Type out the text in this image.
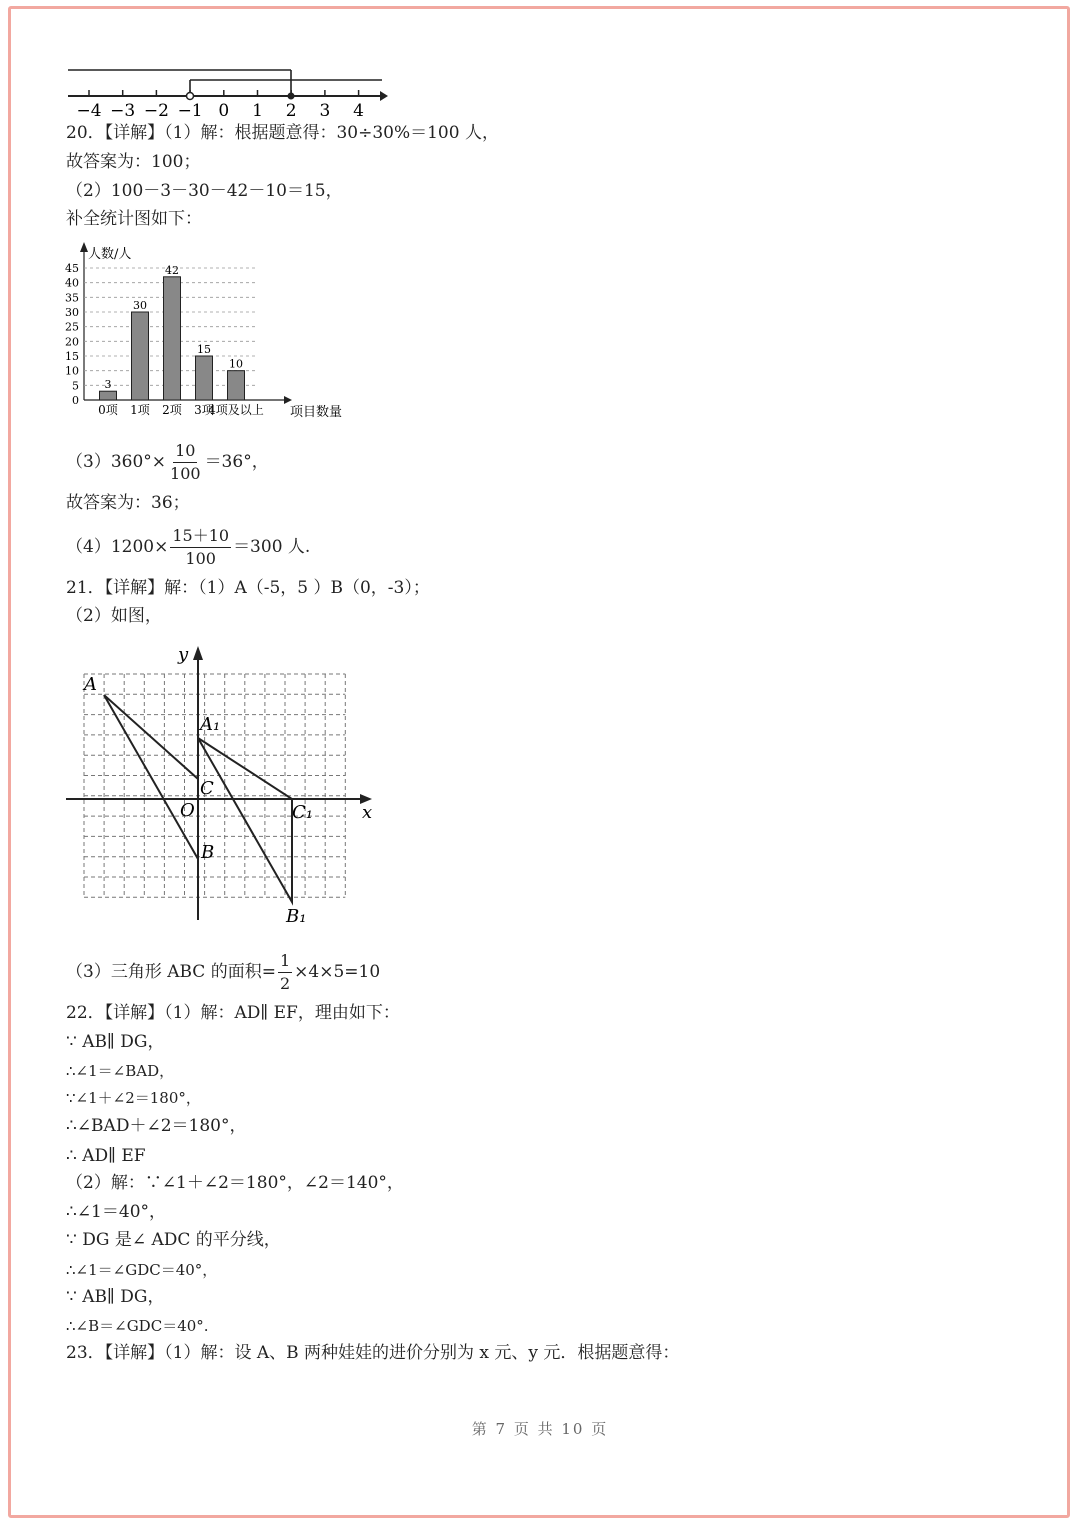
−4 −3 −2 −1 0 1 2 3 4
20．【详解】（1）解：根据题意得：30÷30%＝100 人，
故答案为：100；
（2）100－3－30－42－10＝15，
补全统计图如下：
0
5
10
15
20
25
30
35
40
45
人数/人
项目数量
3
0项
30
1项
42
2项
15
3项
10
4项及以上
$(3)360^\circ\times \frac{10}{100} =36^\circ$，
故答案为：36；
$(4)1200\times \frac{15+10}{100} =300$ 人.
21．【详解】解：（1）A（-5，5 ）B（0，-3）；
（2）如图，
y
x
O
A
A₁
B
B₁
C
C₁
（3）三角形 ABC 的面积= $\frac{1}{2} \times 4\times 5=10$
22．【详解】（1）解：AD∥ EF，理由如下：
∵ AB∥ DG，
∴∠1＝∠BAD，
∵∠1＋∠2＝180°，
∴∠BAD＋∠2＝180°，
∴ AD∥ EF
（2）解：∵∠1＋∠2＝180°，∠2＝140°，
∴∠1＝40°，
∵ DG 是∠ ADC 的平分线，
∴∠1＝∠GDC＝40°，
∵ AB∥ DG，
∴∠B＝∠GDC＝40°.
23．【详解】（1）解：设 A、B 两种娃娃的进价分别为 x 元、y 元．根据题意得：
第 7 页 共 10 页
